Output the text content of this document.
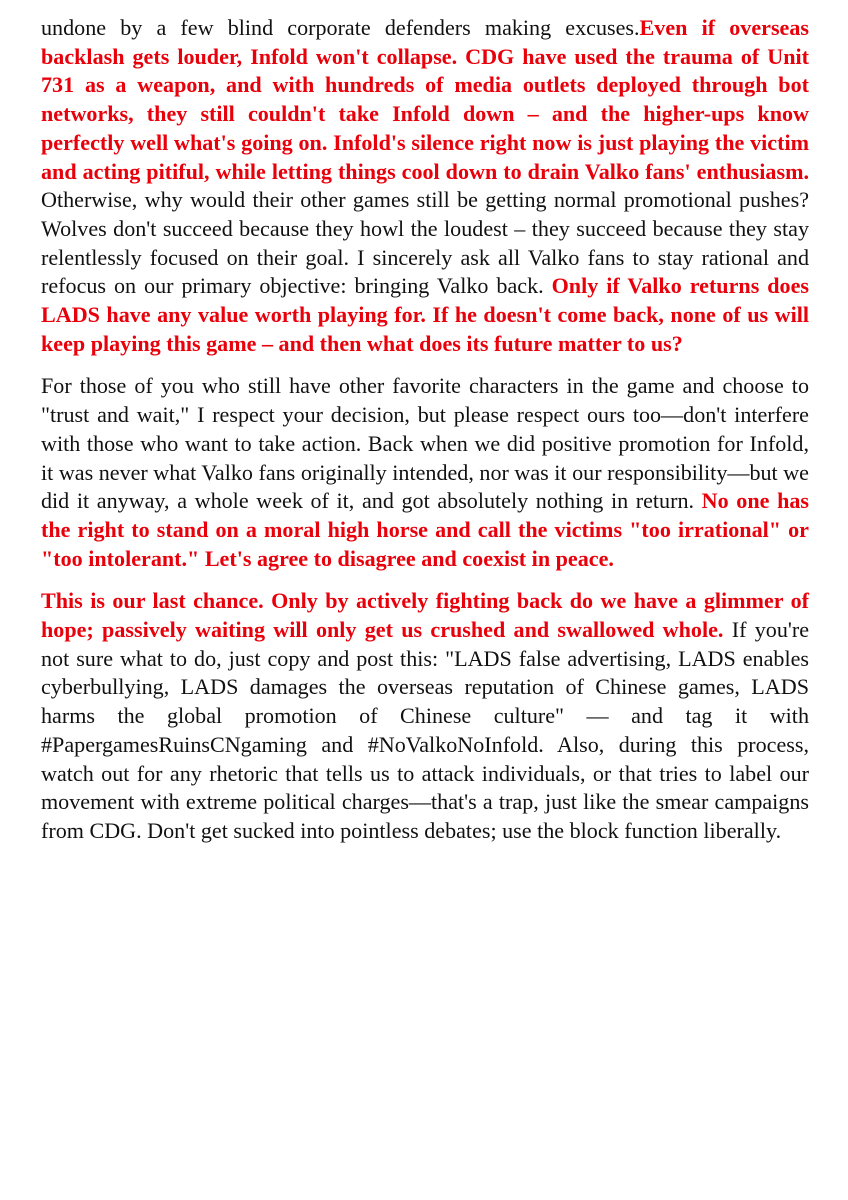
undone by a few blind corporate defenders making excuses.Even if overseas backlash gets louder, Infold won't collapse. CDG have used the trauma of Unit 731 as a weapon, and with hundreds of media outlets deployed through bot networks, they still couldn't take Infold down – and the higher-ups know perfectly well what's going on. Infold's silence right now is just playing the victim and acting pitiful, while letting things cool down to drain Valko fans' enthusiasm. Otherwise, why would their other games still be getting normal promotional pushes?Wolves don't succeed because they howl the loudest – they succeed because they stay relentlessly focused on their goal. I sincerely ask all Valko fans to stay rational and refocus on our primary objective: bringing Valko back. Only if Valko returns does LADS have any value worth playing for. If he doesn't come back, none of us will keep playing this game – and then what does its future matter to us?

For those of you who still have other favorite characters in the game and choose to "trust and wait," I respect your decision, but please respect ours too—don't interfere with those who want to take action. Back when we did positive promotion for Infold, it was never what Valko fans originally intended, nor was it our responsibility—but we did it anyway, a whole week of it, and got absolutely nothing in return. No one has the right to stand on a moral high horse and call the victims "too irrational" or "too intolerant." Let's agree to disagree and coexist in peace.

This is our last chance. Only by actively fighting back do we have a glimmer of hope; passively waiting will only get us crushed and swallowed whole. If you're not sure what to do, just copy and post this: "LADS false advertising, LADS enables cyberbullying, LADS damages the overseas reputation of Chinese games, LADS harms the global promotion of Chinese culture" — and tag it with #PapergamesRuinsCNgaming and #NoValkoNoInfold. Also, during this process, watch out for any rhetoric that tells us to attack individuals, or that tries to label our movement with extreme political charges—that's a trap, just like the smear campaigns from CDG. Don't get sucked into pointless debates; use the block function liberally.
